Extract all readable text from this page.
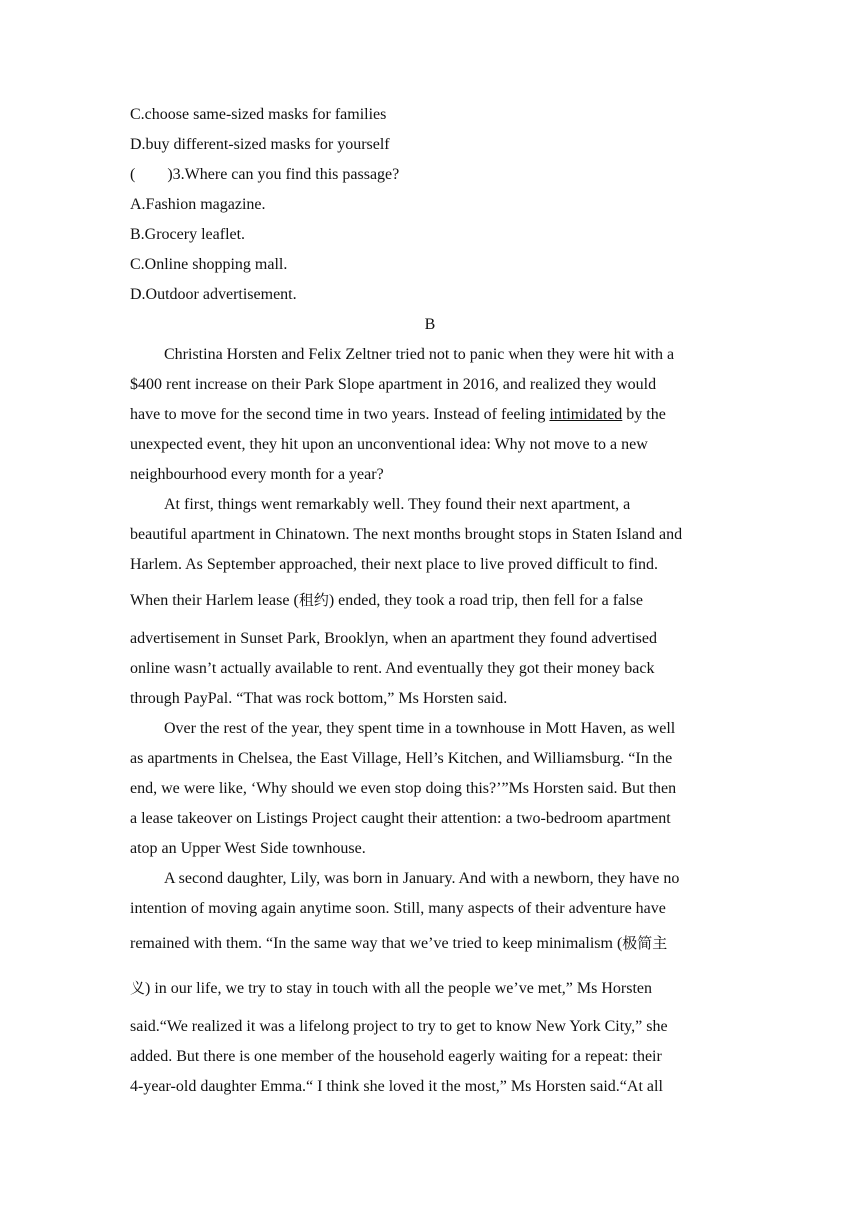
C.choose same-sized masks for families
D.buy different-sized masks for yourself
(        )3.Where can you find this passage?
A.Fashion magazine.
B.Grocery leaflet.
C.Online shopping mall.
D.Outdoor advertisement.
B
Christina Horsten and Felix Zeltner tried not to panic when they were hit with a
$400 rent increase on their Park Slope apartment in 2016, and realized they would
have to move for the second time in two years. Instead of feeling intimidated by the
unexpected event, they hit upon an unconventional idea: Why not move to a new
neighbourhood every month for a year?
At first, things went remarkably well. They found their next apartment, a
beautiful apartment in Chinatown. The next months brought stops in Staten Island and
Harlem. As September approached, their next place to live proved difficult to find.
When their Harlem lease (租约) ended, they took a road trip, then fell for a false
advertisement in Sunset Park, Brooklyn, when an apartment they found advertised
online wasn’t actually available to rent. And eventually they got their money back
through PayPal. “That was rock bottom,” Ms Horsten said.
Over the rest of the year, they spent time in a townhouse in Mott Haven, as well
as apartments in Chelsea, the East Village, Hell’s Kitchen, and Williamsburg. “In the
end, we were like, ‘Why should we even stop doing this?’”Ms Horsten said. But then
a lease takeover on Listings Project caught their attention: a two-bedroom apartment
atop an Upper West Side townhouse.
A second daughter, Lily, was born in January. And with a newborn, they have no
intention of moving again anytime soon. Still, many aspects of their adventure have
remained with them. “In the same way that we’ve tried to keep minimalism (极简主
义) in our life, we try to stay in touch with all the people we’ve met,” Ms Horsten
said.“We realized it was a lifelong project to try to get to know New York City,” she
added. But there is one member of the household eagerly waiting for a repeat: their
4-year-old daughter Emma.“ I think she loved it the most,” Ms Horsten said.“At all
